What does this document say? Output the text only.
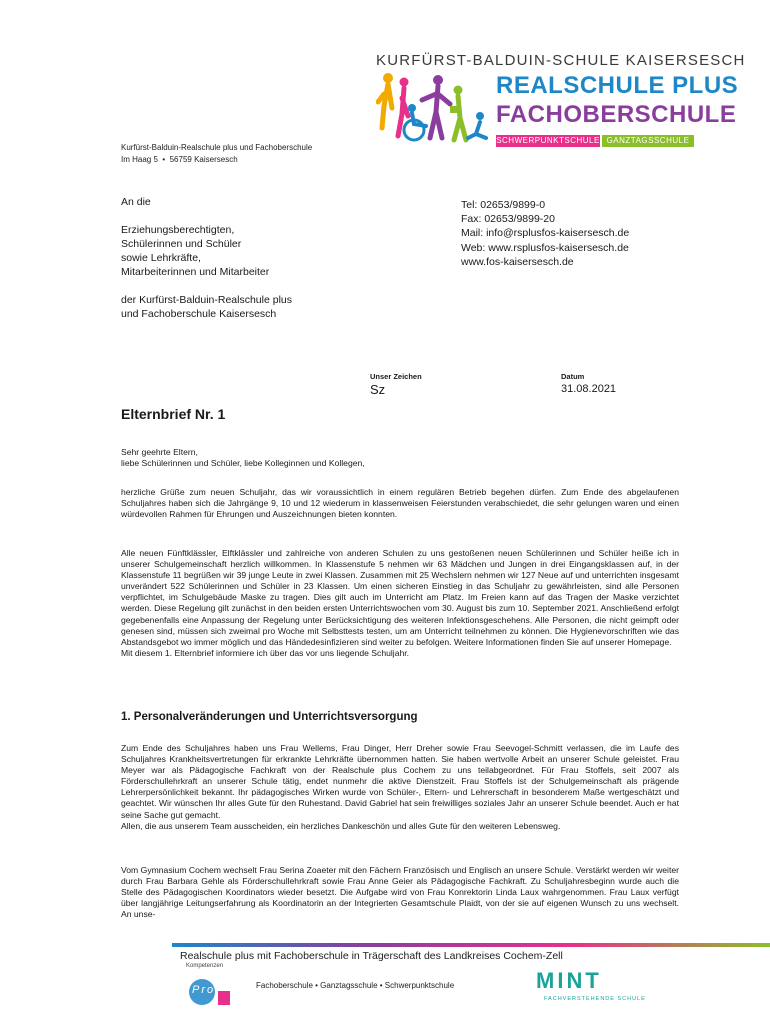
KURFÜRST-BALDUIN-SCHULE KAISERSESCH
REALSCHULE PLUS
FACHOBERSCHULE
SCHWERPUNKTSCHULE GANZTAGSSCHULE
Kurfürst-Balduin-Realschule plus und Fachoberschule
Im Haag 5  •  56759 Kaisersesch
An die
Erziehungsberechtigten,
Schülerinnen und Schüler
sowie Lehrkräfte,
Mitarbeiterinnen und Mitarbeiter
der Kurfürst-Balduin-Realschule plus
und Fachoberschule Kaisersesch
Tel: 02653/9899-0
Fax: 02653/9899-20
Mail: info@rsplusfos-kaisersesch.de
Web: www.rsplusfos-kaisersesch.de
www.fos-kaisersesch.de
Unser Zeichen
Sz
Datum
31.08.2021
Elternbrief Nr. 1

Sehr geehrte Eltern,
liebe Schülerinnen und Schüler, liebe Kolleginnen und Kollegen,

herzliche Grüße zum neuen Schuljahr, das wir voraussichtlich in einem regulären Betrieb begehen dürfen. Zum Ende des abgelaufenen Schuljahres haben sich die Jahrgänge 9, 10 und 12 wiederum in klassenweisen Feierstunden verabschiedet, die sehr gelungen waren und einen würdevollen Rahmen für Ehrungen und Auszeichnungen bieten konnten.

Alle neuen Fünftklässler, Elftklässler und zahlreiche von anderen Schulen zu uns gestoßenen neuen Schülerinnen und Schüler heiße ich in unserer Schulgemeinschaft herzlich willkommen. In Klassenstufe 5 nehmen wir 63 Mädchen und Jungen in drei Eingangsklassen auf, in der Klassenstufe 11 begrüßen wir 39 junge Leute in zwei Klassen. Zusammen mit 25 Wechslern nehmen wir 127 Neue auf und unterrichten insgesamt unverändert 522 Schülerinnen und Schüler in 23 Klassen. Um einen sicheren Einstieg in das Schuljahr zu gewährleisten, sind alle Personen verpflichtet, im Schulgebäude Maske zu tragen. Dies gilt auch im Unterricht am Platz. Im Freien kann auf das Tragen der Maske verzichtet werden. Diese Regelung gilt zunächst in den beiden ersten Unterrichtswochen vom 30. August bis zum 10. September 2021. Anschließend erfolgt gegebenenfalls eine Anpassung der Regelung unter Berücksichtigung des weiteren Infektionsgeschehens. Alle Personen, die nicht geimpft oder genesen sind, müssen sich zweimal pro Woche mit Selbsttests testen, um am Unterricht teilnehmen zu können. Die Hygienevorschriften wie das Abstandsgebot wo immer möglich und das Händedesinfizieren sind weiter zu befolgen. Weitere Informationen finden Sie auf unserer Homepage.
Mit diesem 1. Elternbrief informiere ich über das vor uns liegende Schuljahr.
1. Personalveränderungen und Unterrichtsversorgung
Zum Ende des Schuljahres haben uns Frau Wellems, Frau Dinger, Herr Dreher sowie Frau Seevogel-Schmitt verlassen, die im Laufe des Schuljahres Krankheitsvertretungen für erkrankte Lehrkräfte übernommen hatten. Sie haben wertvolle Arbeit an unserer Schule geleistet. Frau Meyer war als Pädagogische Fachkraft von der Realschule plus Cochem zu uns teilabgeordnet. Für Frau Stoffels, seit 2007 als Förderschullehrkraft an unserer Schule tätig, endet nunmehr die aktive Dienstzeit. Frau Stoffels ist der Schulgemeinschaft als prägende Lehrerpersönlichkeit bekannt. Ihr pädagogisches Wirken wurde von Schüler-, Eltern- und Lehrerschaft in besonderem Maße wertgeschätzt und geachtet. Wir wünschen Ihr alles Gute für den Ruhestand. David Gabriel hat sein freiwilliges soziales Jahr an unserer Schule beendet. Auch er hat seine Sache gut gemacht.
Allen, die aus unserem Team ausscheiden, ein herzliches Dankeschön und alles Gute für den weiteren Lebensweg.

Vom Gymnasium Cochem wechselt Frau Serina Zoaeter mit den Fächern Französisch und Englisch an unsere Schule. Verstärkt werden wir weiter durch Frau Barbara Gehle als Förderschullehrkraft sowie Frau Anne Geier als Pädagogische Fachkraft. Zu Schuljahresbeginn wurde auch die Stelle des Pädagogischen Koordinators wieder besetzt. Die Aufgabe wird von Frau Konrektorin Linda Laux wahrgenommen. Frau Laux verfügt über langjährige Leitungserfahrung als Koordinatorin an der Integrierten Gesamtschule Plaidt, von der sie auf eigenen Wunsch zu uns wechselt. An unse-

Realschule plus mit Fachoberschule in Trägerschaft des Landkreises Cochem-Zell
Kompetenzen
Prof	Fachoberschule • Ganztagsschule • Schwerpunktschule	MINT
FACHVERSTEHENDE SCHULE
